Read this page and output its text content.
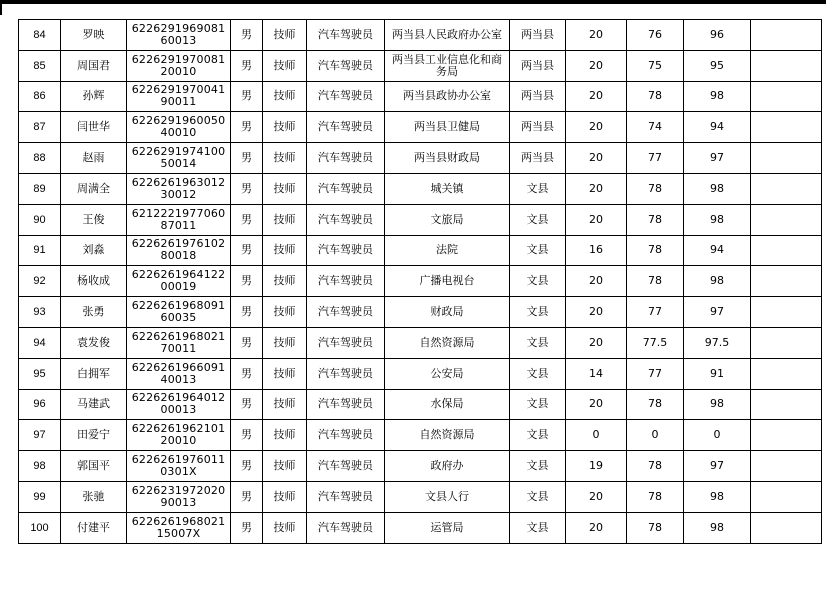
84	罗映	622629196908160013	男	技师	汽车驾驶员	两当县人民政府办公室	两当县	20	76	96	
85	周国君	622629197008120010	男	技师	汽车驾驶员	两当县工业信息化和商务局	两当县	20	75	95	
86	孙辉	622629197004190011	男	技师	汽车驾驶员	两当县政协办公室	两当县	20	78	98	
87	闫世华	622629196005040010	男	技师	汽车驾驶员	两当县卫健局	两当县	20	74	94	
88	赵雨	622629197410050014	男	技师	汽车驾驶员	两当县财政局	两当县	20	77	97	
89	周满全	622626196301230012	男	技师	汽车驾驶员	城关镇	文县	20	78	98	
90	王俊	621222197706087011	男	技师	汽车驾驶员	文旅局	文县	20	78	98	
91	刘淼	622626197610280018	男	技师	汽车驾驶员	法院	文县	16	78	94	
92	杨收成	622626196412200019	男	技师	汽车驾驶员	广播电视台	文县	20	78	98	
93	张勇	622626196809160035	男	技师	汽车驾驶员	财政局	文县	20	77	97	
94	袁发俊	622626196802170011	男	技师	汽车驾驶员	自然资源局	文县	20	77.5	97.5	
95	白拥军	622626196609140013	男	技师	汽车驾驶员	公安局	文县	14	77	91	
96	马建武	622626196401200013	男	技师	汽车驾驶员	水保局	文县	20	78	98	
97	田爱宁	622626196210120010	男	技师	汽车驾驶员	自然资源局	文县	0	0	0	
98	郭国平	62262619760110301X	男	技师	汽车驾驶员	政府办	文县	19	78	97	
99	张驰	622623197202090013	男	技师	汽车驾驶员	文县人行	文县	20	78	98	
100	付建平	622626196802115007X	男	技师	汽车驾驶员	运管局	文县	20	78	98	
